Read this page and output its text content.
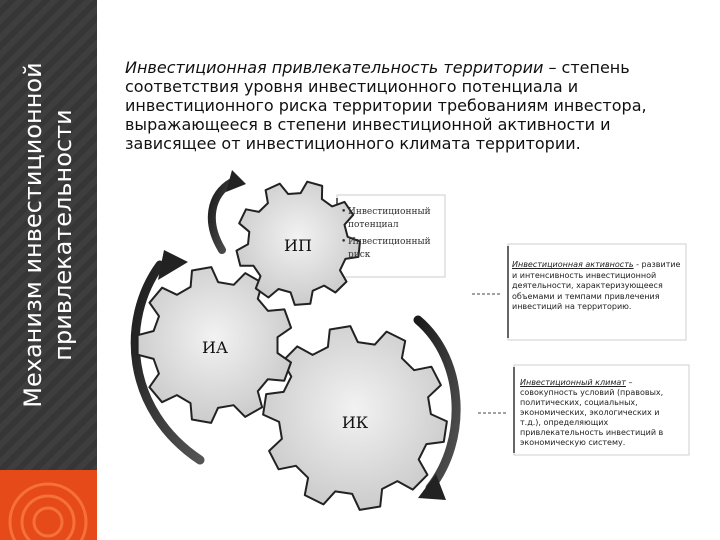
Механизм инвестиционной привлекательности
Инвестиционная привлекательность территории – степень соответствия уровня инвестиционного потенциала и инвестиционного риска территории требованиям инвестора, выражающееся в степени инвестиционной активности и зависящее от инвестиционного климата территории.
ИП
ИА
ИК
• Инвестиционный потенциал • Инвестиционный риск
Инвестиционная активность - развитие и интенсивность инвестиционной деятельности, характеризующееся объемами и темпами привлечения инвестиций на территорию.
Инвестиционный климат – совокупность условий (правовых, политических, социальных, экономических, экологических и т.д.), определяющих привлекательность инвестиций в экономическую систему.
